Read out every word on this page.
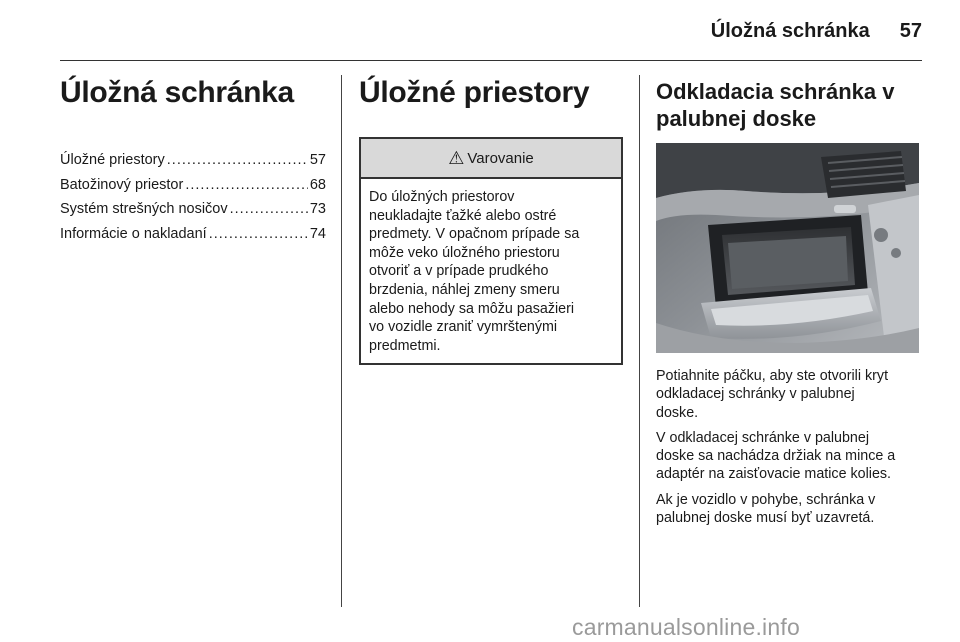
Úložná schránka 57
Úložná schránka
Úložné priestory .....	57
Batožinový priestor .....	68
Systém strešných nosičov .....	73
Informácie o nakladaní .....	74
Úložné priestory
⚠ Varovanie
Do úložných priestorov
neukladajte ťažké alebo ostré
predmety. V opačnom prípade sa
môže veko úložného priestoru
otvoriť a v prípade prudkého
brzdenia, náhlej zmeny smeru
alebo nehody sa môžu pasažieri
vo vozidle zraniť vymrštenými
predmetmi.
Odkladacia schránka v
palubnej doske

Potiahnite páčku, aby ste otvorili kryt
odkladacej schránky v palubnej
doske.

V odkladacej schránke v palubnej
doske sa nachádza držiak na mince a
adaptér na zaisťovacie matice kolies.

Ak je vozidlo v pohybe, schránka v
palubnej doske musí byť uzavretá.

carmanualsonline.info
